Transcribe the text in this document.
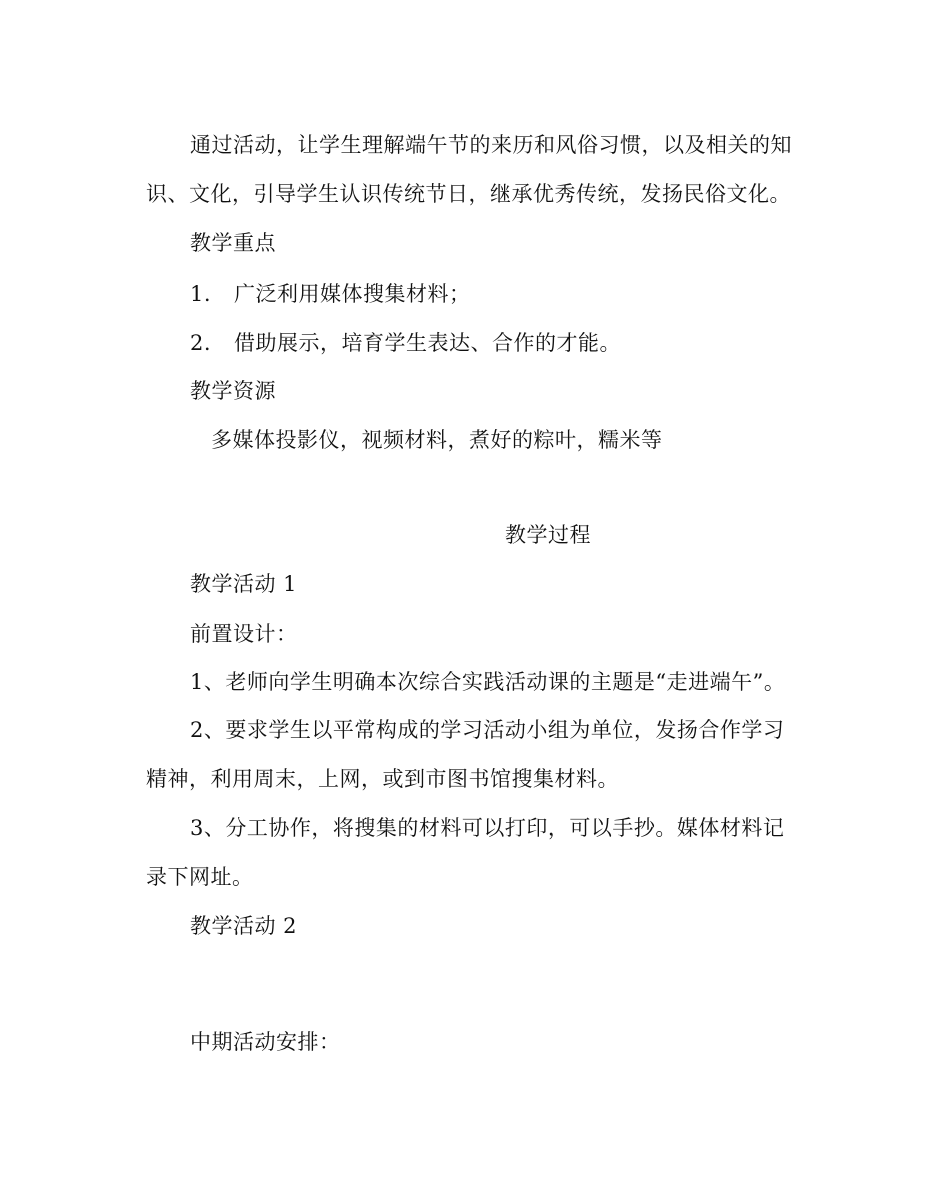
通过活动，让学生理解端午节的来历和风俗习惯，以及相关的知
识、文化，引导学生认识传统节日，继承优秀传统，发扬民俗文化。
教学重点
1. 广泛利用媒体搜集材料；
2. 借助展示，培育学生表达、合作的才能。
教学资源
多媒体投影仪，视频材料，煮好的粽叶，糯米等
教学过程
教学活动 1
前置设计：
1、老师向学生明确本次综合实践活动课的主题是“走进端午”。
2、要求学生以平常构成的学习活动小组为单位，发扬合作学习
精神，利用周末，上网，或到市图书馆搜集材料。
3、分工协作，将搜集的材料可以打印，可以手抄。媒体材料记
录下网址。
教学活动 2
中期活动安排：
